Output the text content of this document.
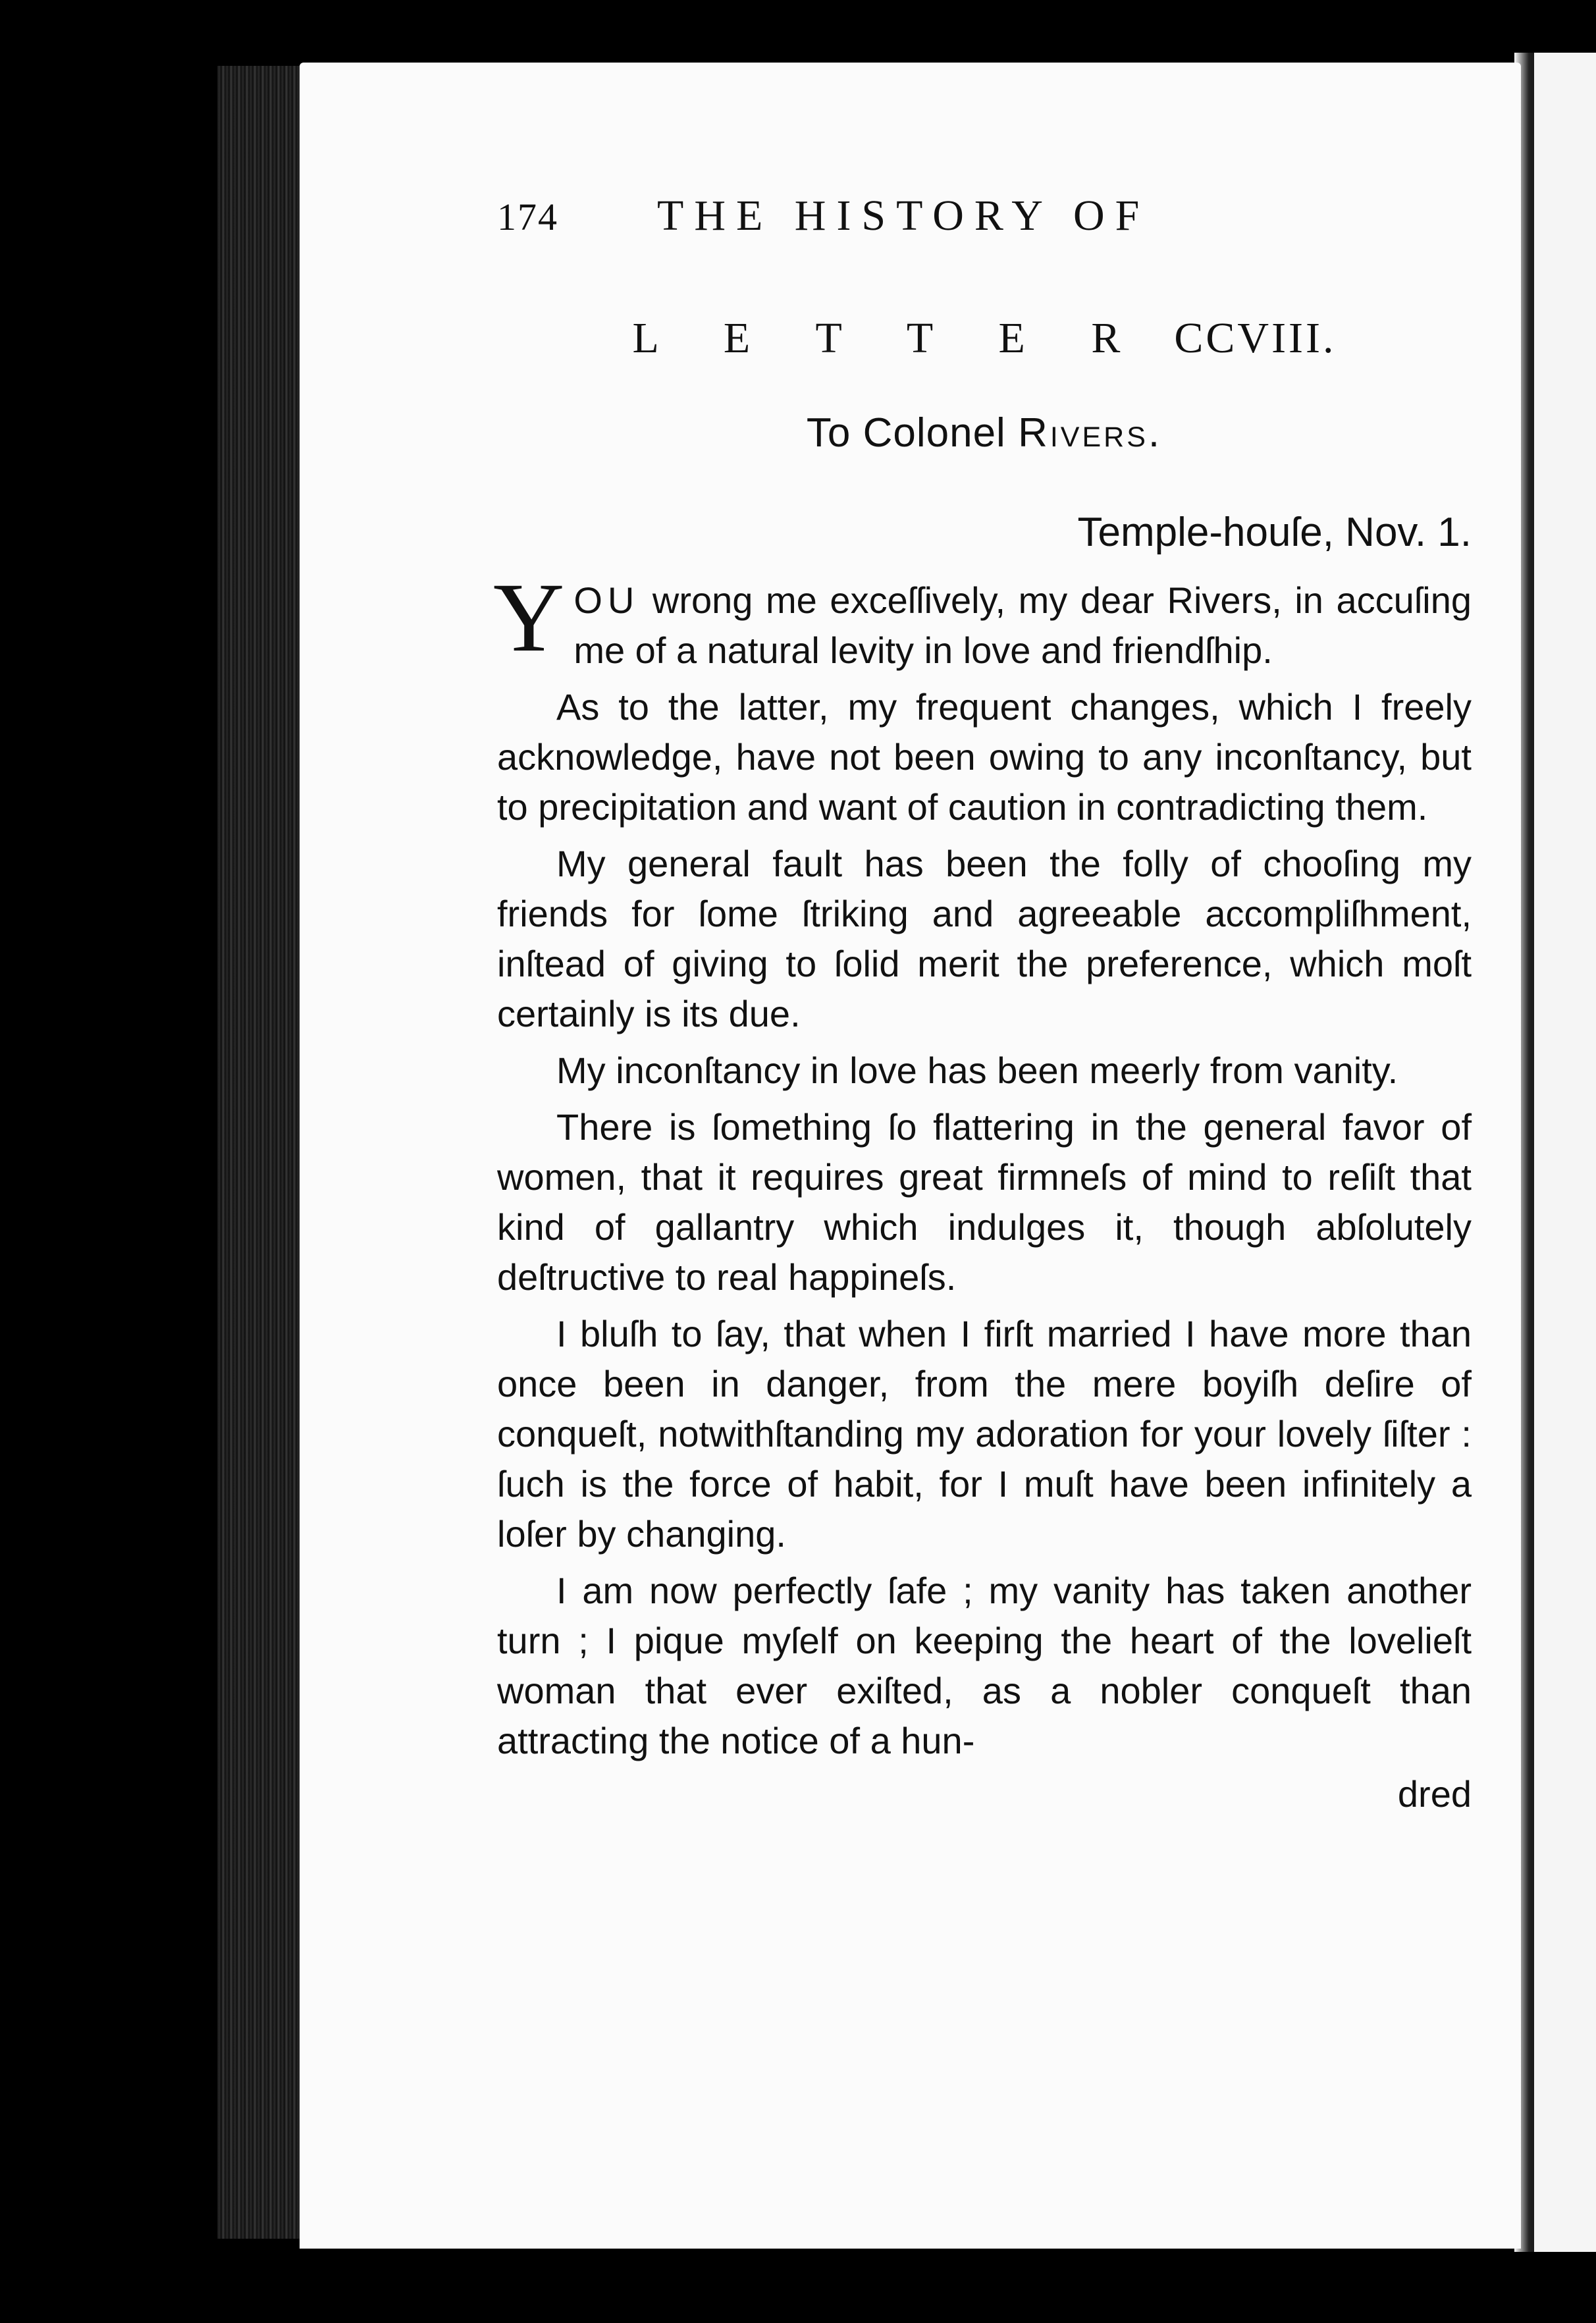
174 THE HISTORY OF
L E T T E R CCVIII.
To Colonel Rivers.
Temple-houſe, Nov. 1.

YOU wrong me exceſſively, my dear Rivers, in accuſing me of a natural levity in love and friendſhip.

As to the latter, my frequent changes, which I freely acknowledge, have not been owing to any inconſtancy, but to precipitation and want of caution in contradicting them.

My general fault has been the folly of chooſing my friends for ſome ſtriking and agreeable accompliſhment, inſtead of giving to ſolid merit the preference, which moſt certainly is its due.

My inconſtancy in love has been meerly from vanity.

There is ſomething ſo flattering in the general favor of women, that it requires great firmneſs of mind to reſiſt that kind of gallantry which indulges it, though abſolutely deſtructive to real happineſs.

I bluſh to ſay, that when I firſt married I have more than once been in danger, from the mere boyiſh deſire of conqueſt, notwithſtanding my adoration for your lovely ſiſter : ſuch is the force of habit, for I muſt have been infinitely a loſer by changing.

I am now perfectly ſafe ; my vanity has taken another turn ; I pique myſelf on keeping the heart of the lovelieſt woman that ever exiſted, as a nobler conqueſt than attracting the notice of a hun-

dred
